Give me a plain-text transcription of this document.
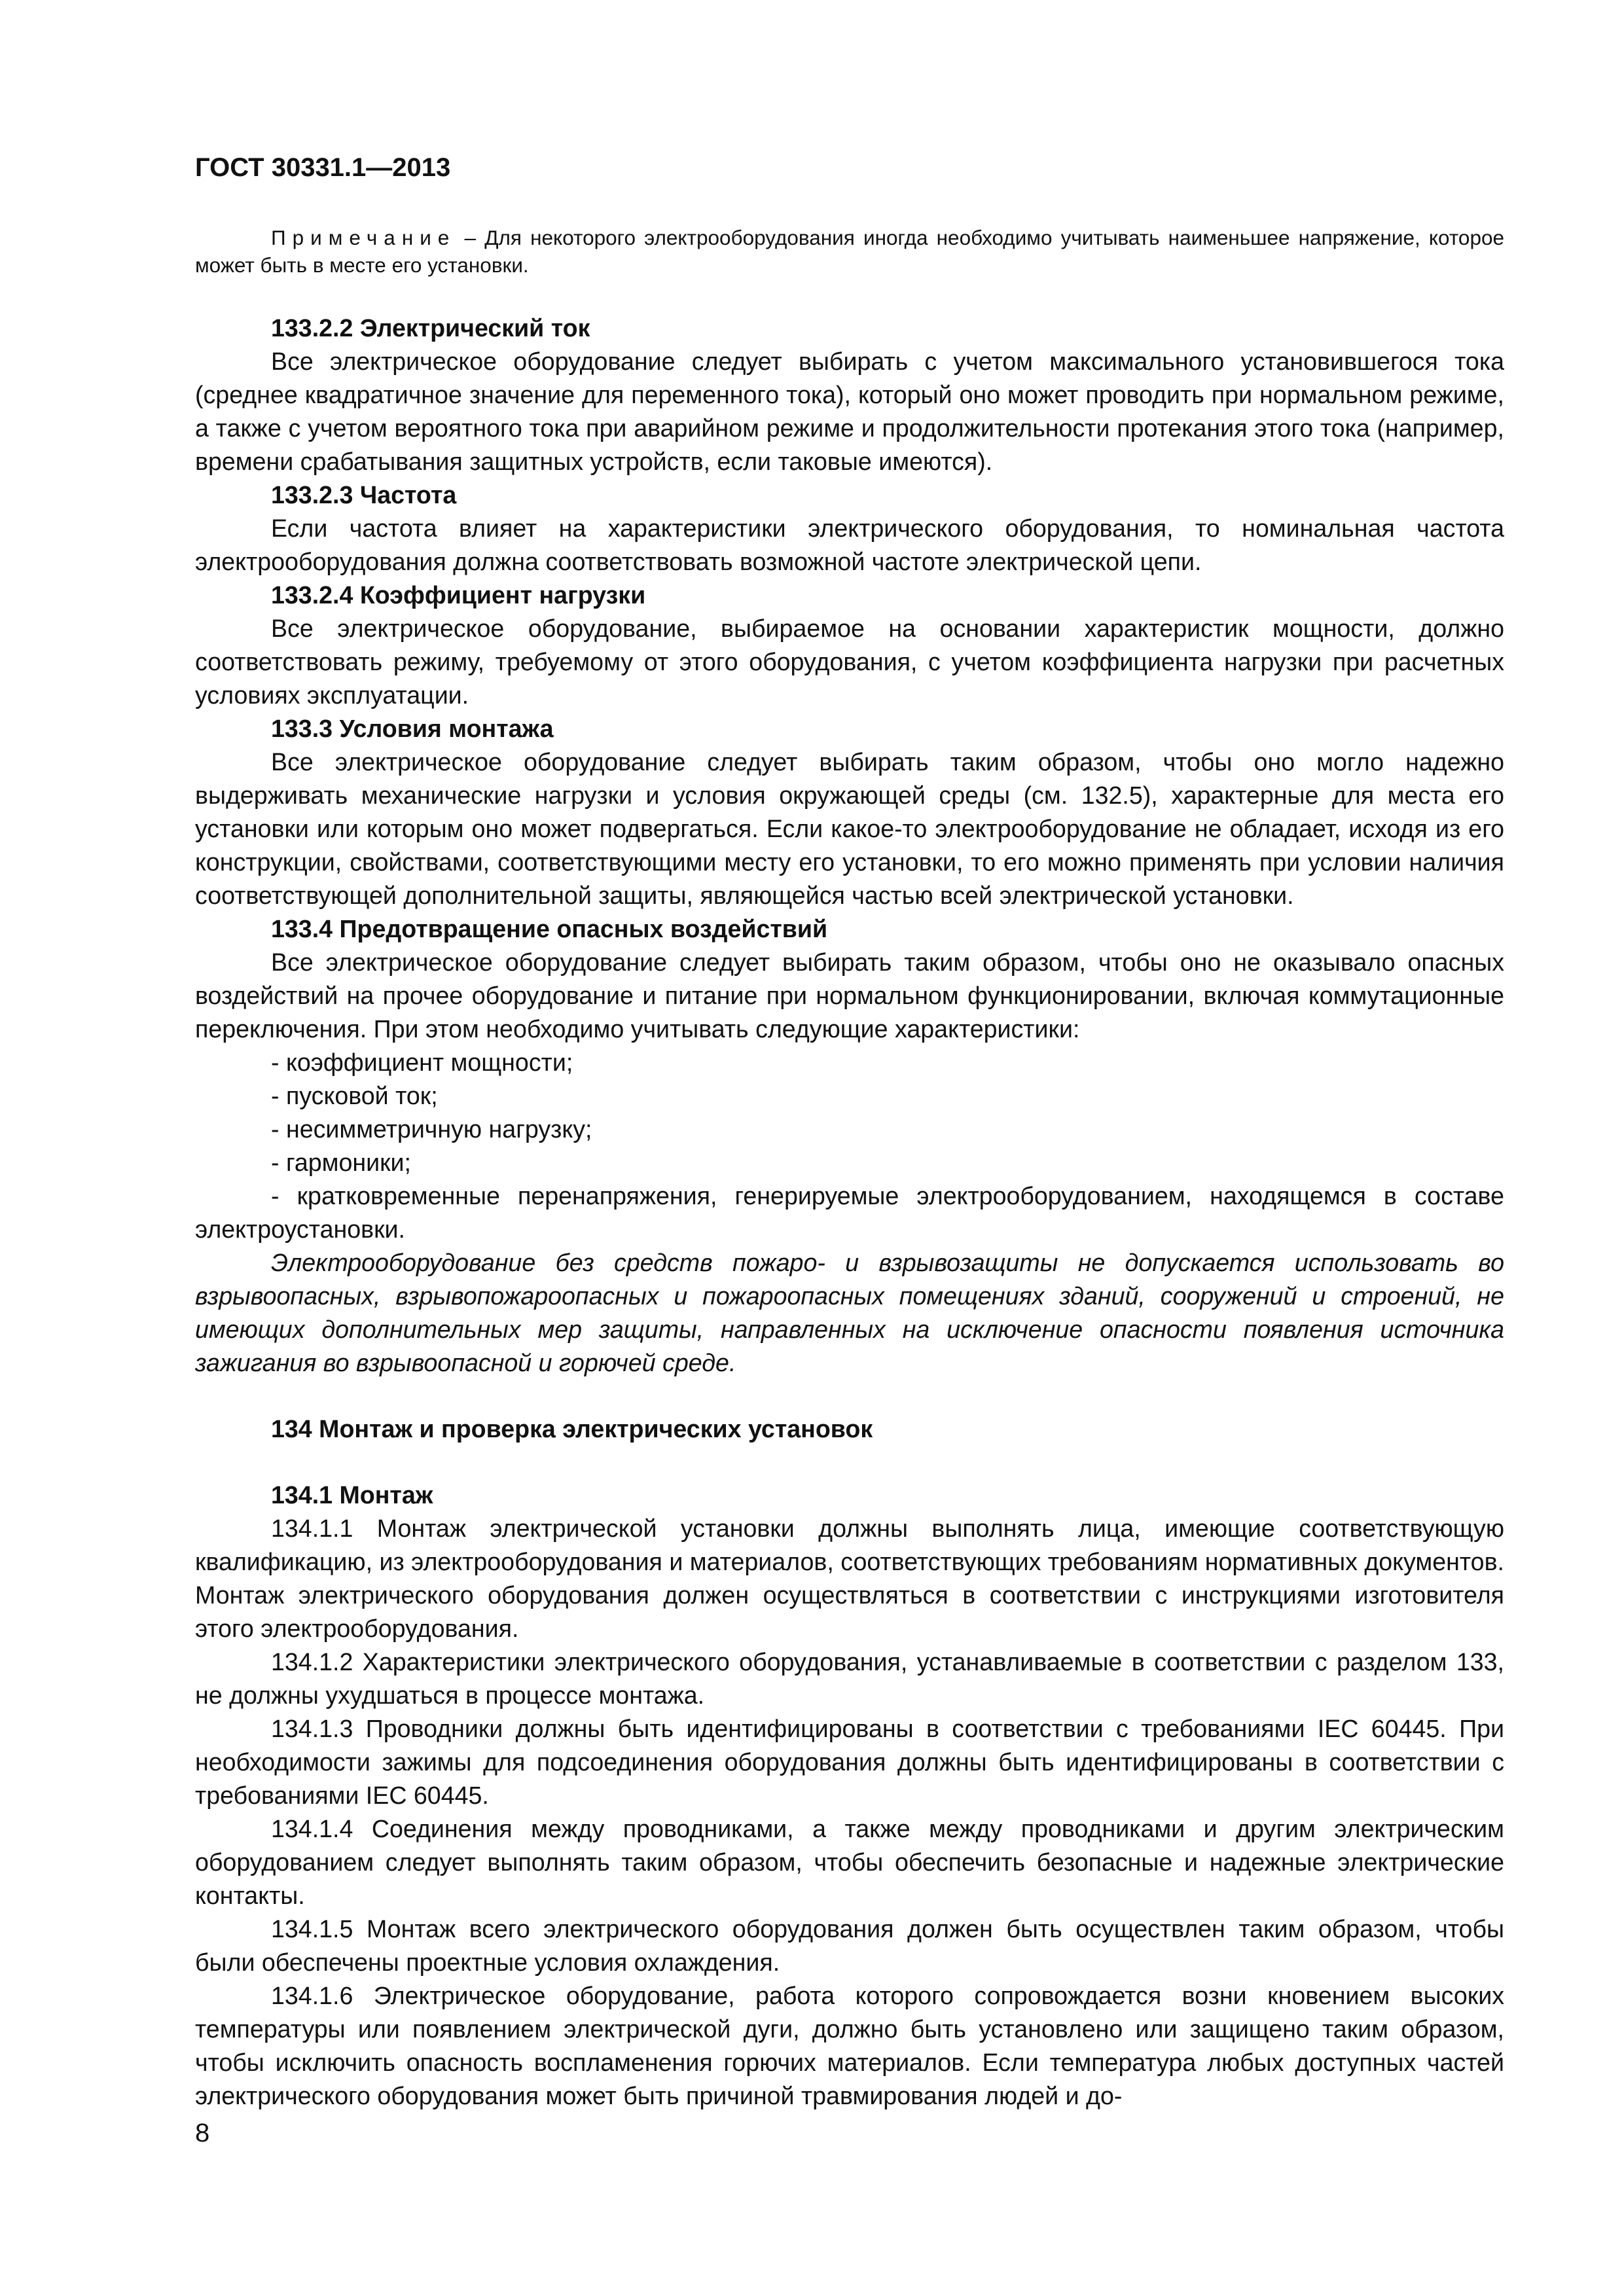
ГОСТ 30331.1—2013

Примечание – Для некоторого электрооборудования иногда необходимо учитывать наименьшее напряжение, которое может быть в месте его установки.

133.2.2 Электрический ток

Все электрическое оборудование следует выбирать с учетом максимального установившегося тока (среднее квадратичное значение для переменного тока), который оно может проводить при нормальном режиме, а также с учетом вероятного тока при аварийном режиме и продолжительности протекания этого тока (например, времени срабатывания защитных устройств, если таковые имеются).

133.2.3 Частота

Если частота влияет на характеристики электрического оборудования, то номинальная частота электрооборудования должна соответствовать возможной частоте электрической цепи.

133.2.4 Коэффициент нагрузки

Все электрическое оборудование, выбираемое на основании характеристик мощности, должно соответствовать режиму, требуемому от этого оборудования, с учетом коэффициента нагрузки при расчетных условиях эксплуатации.

133.3 Условия монтажа

Все электрическое оборудование следует выбирать таким образом, чтобы оно могло надежно выдерживать механические нагрузки и условия окружающей среды (см. 132.5), характерные для места его установки или которым оно может подвергаться. Если какое-то электрооборудование не обладает, исходя из его конструкции, свойствами, соответствующими месту его установки, то его можно применять при условии наличия соответствующей дополнительной защиты, являющейся частью всей электрической установки.

133.4 Предотвращение опасных воздействий

Все электрическое оборудование следует выбирать таким образом, чтобы оно не оказывало опасных воздействий на прочее оборудование и питание при нормальном функционировании, включая коммутационные переключения. При этом необходимо учитывать следующие характеристики:

- коэффициент мощности;
- пусковой ток;
- несимметричную нагрузку;
- гармоники;

- кратковременные перенапряжения, генерируемые электрооборудованием, находящемся в составе электроустановки.

Электрооборудование без средств пожаро- и взрывозащиты не допускается использовать во взрывоопасных, взрывопожароопасных и пожароопасных помещениях зданий, сооружений и строений, не имеющих дополнительных мер защиты, направленных на исключение опасности появления источника зажигания во взрывоопасной и горючей среде.

134 Монтаж и проверка электрических установок
134.1 Монтаж

134.1.1 Монтаж электрической установки должны выполнять лица, имеющие соответствующую квалификацию, из электрооборудования и материалов, соответствующих требованиям нормативных документов. Монтаж электрического оборудования должен осуществляться в соответствии с инструкциями изготовителя этого электрооборудования.

134.1.2 Характеристики электрического оборудования, устанавливаемые в соответствии с разделом 133, не должны ухудшаться в процессе монтажа.

134.1.3 Проводники должны быть идентифицированы в соответствии с требованиями IEC 60445. При необходимости зажимы для подсоединения оборудования должны быть идентифицированы в соответствии с требованиями IEC 60445.

134.1.4 Соединения между проводниками, а также между проводниками и другим электрическим оборудованием следует выполнять таким образом, чтобы обеспечить безопасные и надежные электрические контакты.

134.1.5 Монтаж всего электрического оборудования должен быть осуществлен таким образом, чтобы были обеспечены проектные условия охлаждения.

134.1.6 Электрическое оборудование, работа которого сопровождается возни кновением высоких температуры или появлением электрической дуги, должно быть установлено или защищено таким образом, чтобы исключить опасность воспламенения горючих материалов. Если температура любых доступных частей электрического оборудования может быть причиной травмирования людей и до-

8
